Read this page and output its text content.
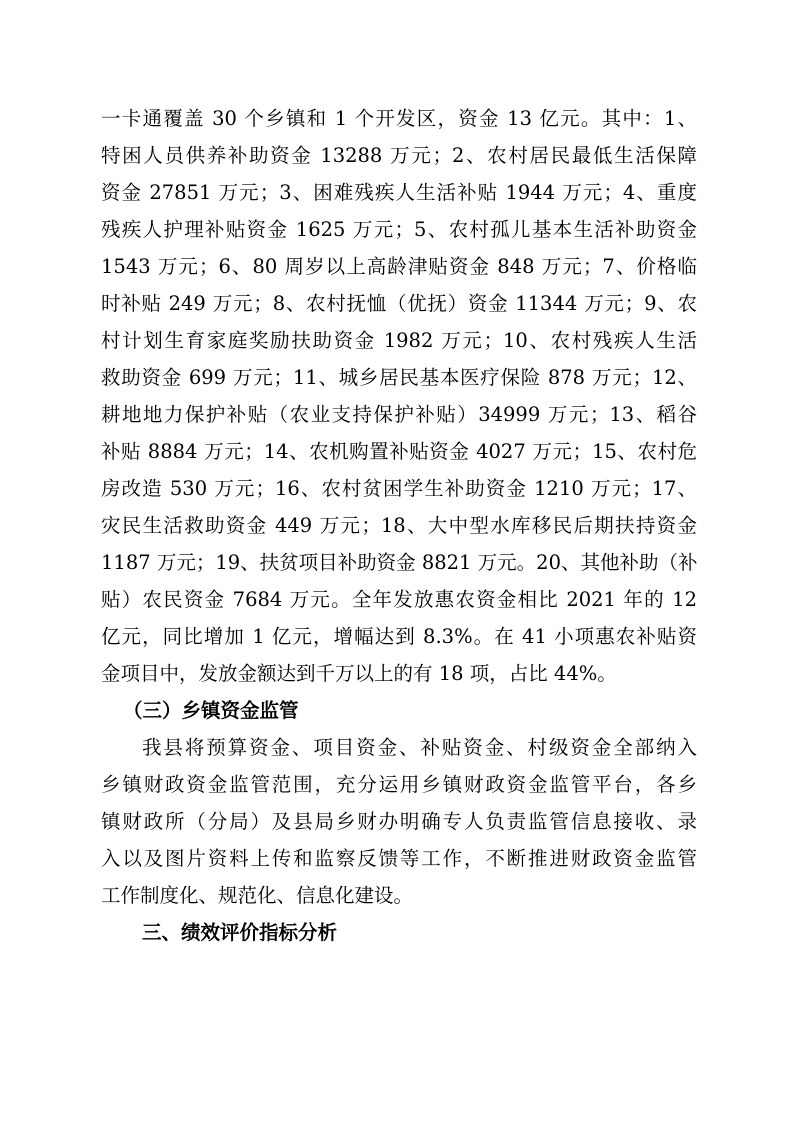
一卡通覆盖 30 个乡镇和 1 个开发区，资金 13 亿元。其中：1、
特困人员供养补助资金 13288 万元；2、农村居民最低生活保障
资金 27851 万元；3、困难残疾人生活补贴 1944 万元；4、重度
残疾人护理补贴资金 1625 万元；5、农村孤儿基本生活补助资金
1543 万元；6、80 周岁以上高龄津贴资金 848 万元；7、价格临
时补贴 249 万元；8、农村抚恤（优抚）资金 11344 万元；9、农
村计划生育家庭奖励扶助资金 1982 万元；10、农村残疾人生活
救助资金 699 万元；11、城乡居民基本医疗保险 878 万元；12、
耕地地力保护补贴（农业支持保护补贴）34999 万元；13、稻谷
补贴 8884 万元；14、农机购置补贴资金 4027 万元；15、农村危
房改造 530 万元；16、农村贫困学生补助资金 1210 万元；17、
灾民生活救助资金 449 万元；18、大中型水库移民后期扶持资金
1187 万元；19、扶贫项目补助资金 8821 万元。20、其他补助（补
贴）农民资金 7684 万元。全年发放惠农资金相比 2021 年的 12
亿元，同比增加 1 亿元，增幅达到 8.3%。在 41 小项惠农补贴资
金项目中，发放金额达到千万以上的有 18 项，占比 44%。
（三）乡镇资金监管
我县将预算资金、项目资金、补贴资金、村级资金全部纳入
乡镇财政资金监管范围，充分运用乡镇财政资金监管平台，各乡
镇财政所（分局）及县局乡财办明确专人负责监管信息接收、录
入以及图片资料上传和监察反馈等工作，不断推进财政资金监管
工作制度化、规范化、信息化建设。
三、绩效评价指标分析
